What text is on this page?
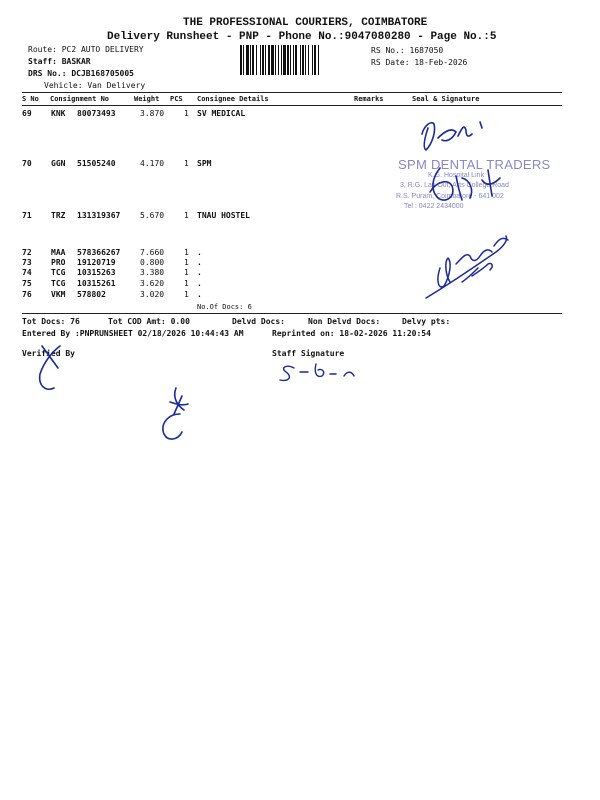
THE PROFESSIONAL COURIERS, COIMBATORE
Delivery Runsheet - PNP - Phone No.:9047080280 - Page No.:5
Route: PC2 AUTO DELIVERY
Staff: BASKAR
DRS No.: DCJB168705005
Vehicle: Van Delivery
RS No.: 1687050
RS Date: 18-Feb-2026
S No Consignment No	Weight PCS Consignee Details	Remarks	Seal & Signature
69 KNK 80073493	3.870 1 SV MEDICAL
70 GGN 51505240	4.170 1 SPM
71 TRZ 131319367 5.670 1 TNAU HOSTEL
72 MAA 578366267 7.660 1 .
73 PRO 19120719	0.800 1 .
74 TCG 10315263	3.380 1 .
75 TCG 10315261	3.620 1 .
76 VKM 578802	3.020 1 .
No.Of Docs: 6
Tot Docs: 76	Tot COD Amt: 0.00	Delvd Docs:	Non Delvd Docs:	Delvy pts:
Entered By :PNPRUNSHEET 02/18/2026 10:44:43 AM	Reprinted on: 18-02-2026 11:20:54
Verified By	Staff Signature
SPM DENTAL TRADERS
K.G. Hospital Link
3, R.G. Lay Out, Arts College Road
R.S. Puram, Coimbatore - 641 002
Tel : 0422 2434000
